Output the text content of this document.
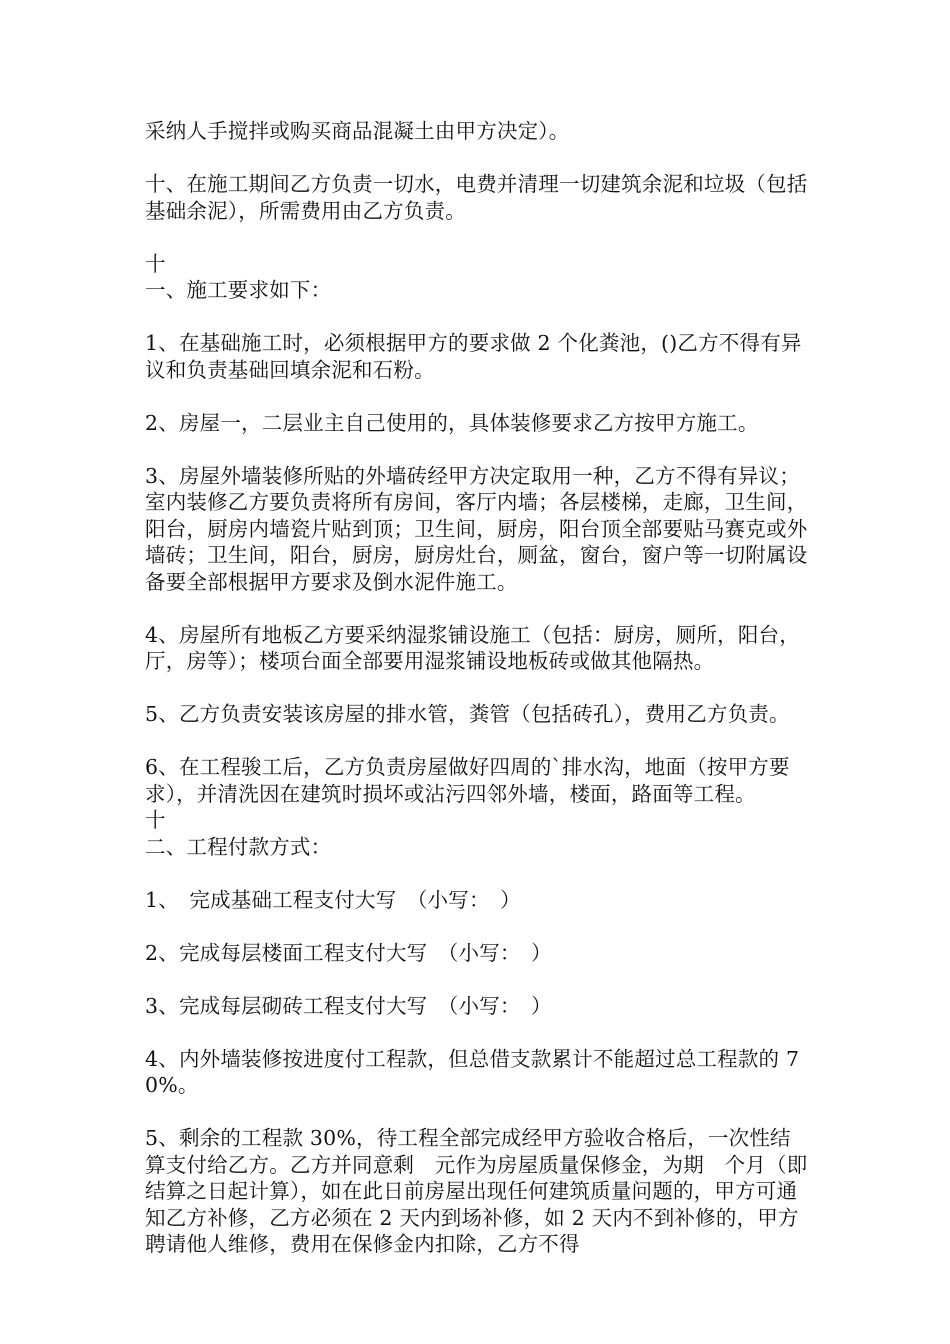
采纳人手搅拌或购买商品混凝土由甲方决定）。

十、在施工期间乙方负责一切水，电费并清理一切建筑余泥和垃圾（包括基础余泥），所需费用由乙方负责。

十

一、施工要求如下：

1、在基础施工时，必须根据甲方的要求做 2 个化粪池，()乙方不得有异议和负责基础回填余泥和石粉。

2、房屋一，二层业主自己使用的，具体装修要求乙方按甲方施工。

3、房屋外墙装修所贴的外墙砖经甲方决定取用一种，乙方不得有异议；室内装修乙方要负责将所有房间，客厅内墙；各层楼梯，走廊，卫生间，阳台，厨房内墙瓷片贴到顶；卫生间，厨房，阳台顶全部要贴马赛克或外墙砖；卫生间，阳台，厨房，厨房灶台，厕盆，窗台，窗户等一切附属设备要全部根据甲方要求及倒水泥件施工。

4、房屋所有地板乙方要采纳湿浆铺设施工（包括：厨房，厕所，阳台，厅，房等）；楼项台面全部要用湿浆铺设地板砖或做其他隔热。

5、乙方负责安装该房屋的排水管，粪管（包括砖孔），费用乙方负责。

6、在工程骏工后，乙方负责房屋做好四周的`排水沟，地面（按甲方要求），并清洗因在建筑时损坏或沾污四邻外墙，楼面，路面等工程。

十

二、工程付款方式：

1、　完成基础工程支付大写　（小写：　）

2、完成每层楼面工程支付大写　（小写：　）

3、完成每层砌砖工程支付大写　（小写：　）

4、内外墙装修按进度付工程款，但总借支款累计不能超过总工程款的 70%。

5、剩余的工程款 30%，待工程全部完成经甲方验收合格后，一次性结算支付给乙方。乙方并同意剩　元作为房屋质量保修金，为期　个月（即结算之日起计算），如在此日前房屋出现任何建筑质量问题的，甲方可通知乙方补修，乙方必须在 2 天内到场补修，如 2 天内不到补修的，甲方聘请他人维修，费用在保修金内扣除，乙方不得
